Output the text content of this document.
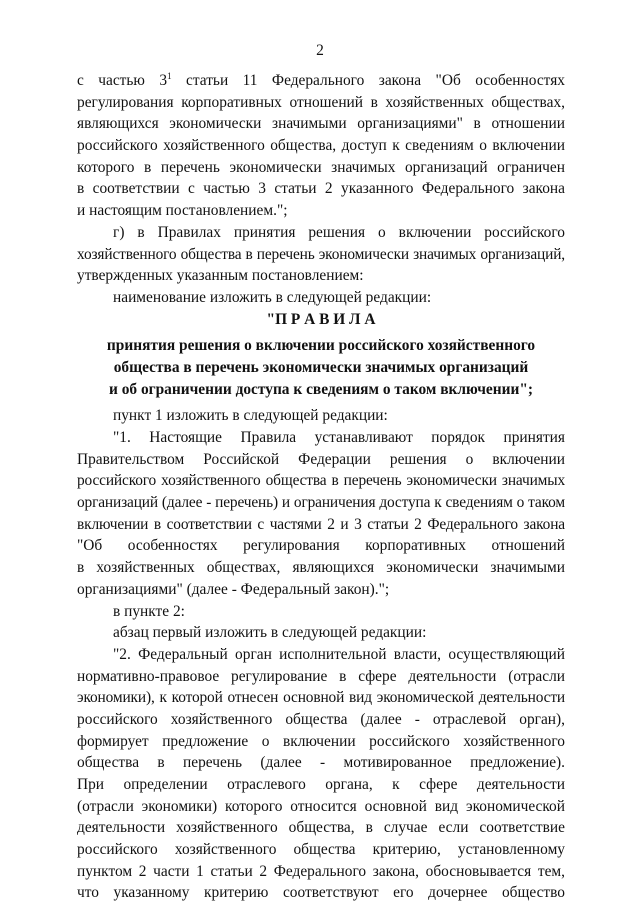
2
с частью $3^1$ статьи 11 Федерального закона "Об особенностях
регулирования корпоративных отношений в хозяйственных обществах,
являющихся экономически значимыми организациями" в отношении
российского хозяйственного общества, доступ к сведениям о включении
которого в перечень экономически значимых организаций ограничен
в соответствии с частью 3 статьи 2 указанного Федерального закона
и настоящим постановлением.";
г) в Правилах принятия решения о включении российского
хозяйственного общества в перечень экономически значимых организаций,
утвержденных указанным постановлением:
наименование изложить в следующей редакции:
"П Р А В И Л А
принятия решения о включении российского хозяйственного
общества в перечень экономически значимых организаций
и об ограничении доступа к сведениям о таком включении";
пункт 1 изложить в следующей редакции:
"1. Настоящие Правила устанавливают порядок принятия
Правительством Российской Федерации решения о включении
российского хозяйственного общества в перечень экономически значимых
организаций (далее - перечень) и ограничения доступа к сведениям о таком
включении в соответствии с частями 2 и 3 статьи 2 Федерального закона
"Об особенностях регулирования корпоративных отношений
в хозяйственных обществах, являющихся экономически значимыми
организациями" (далее - Федеральный закон).";
в пункте 2:
абзац первый изложить в следующей редакции:
"2. Федеральный орган исполнительной власти, осуществляющий
нормативно-правовое регулирование в сфере деятельности (отрасли
экономики), к которой отнесен основной вид экономической деятельности
российского хозяйственного общества (далее - отраслевой орган),
формирует предложение о включении российского хозяйственного
общества в перечень (далее - мотивированное предложение).
При определении отраслевого органа, к сфере деятельности
(отрасли экономики) которого относится основной вид экономической
деятельности хозяйственного общества, в случае если соответствие
российского хозяйственного общества критерию, установленному
пунктом 2 части 1 статьи 2 Федерального закона, обосновывается тем,
что указанному критерию соответствуют его дочернее общество
